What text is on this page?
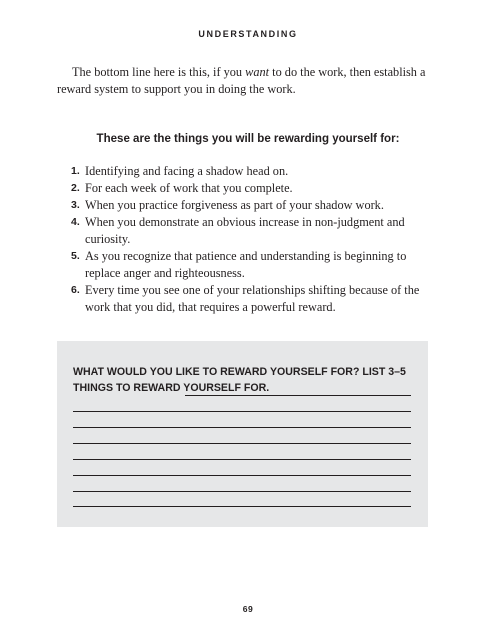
UNDERSTANDING

The bottom line here is this, if you want to do the work, then establish a reward system to support you in doing the work.

These are the things you will be rewarding yourself for:
1. Identifying and facing a shadow head on.
2. For each week of work that you complete.
3. When you practice forgiveness as part of your shadow work.
4. When you demonstrate an obvious increase in non-judgment and curiosity.
5. As you recognize that patience and understanding is beginning to replace anger and righteousness.
6. Every time you see one of your relationships shifting because of the work that you did, that requires a powerful reward.
WHAT WOULD YOU LIKE TO REWARD YOURSELF FOR? LIST 3–5 THINGS TO REWARD YOURSELF FOR.
69
